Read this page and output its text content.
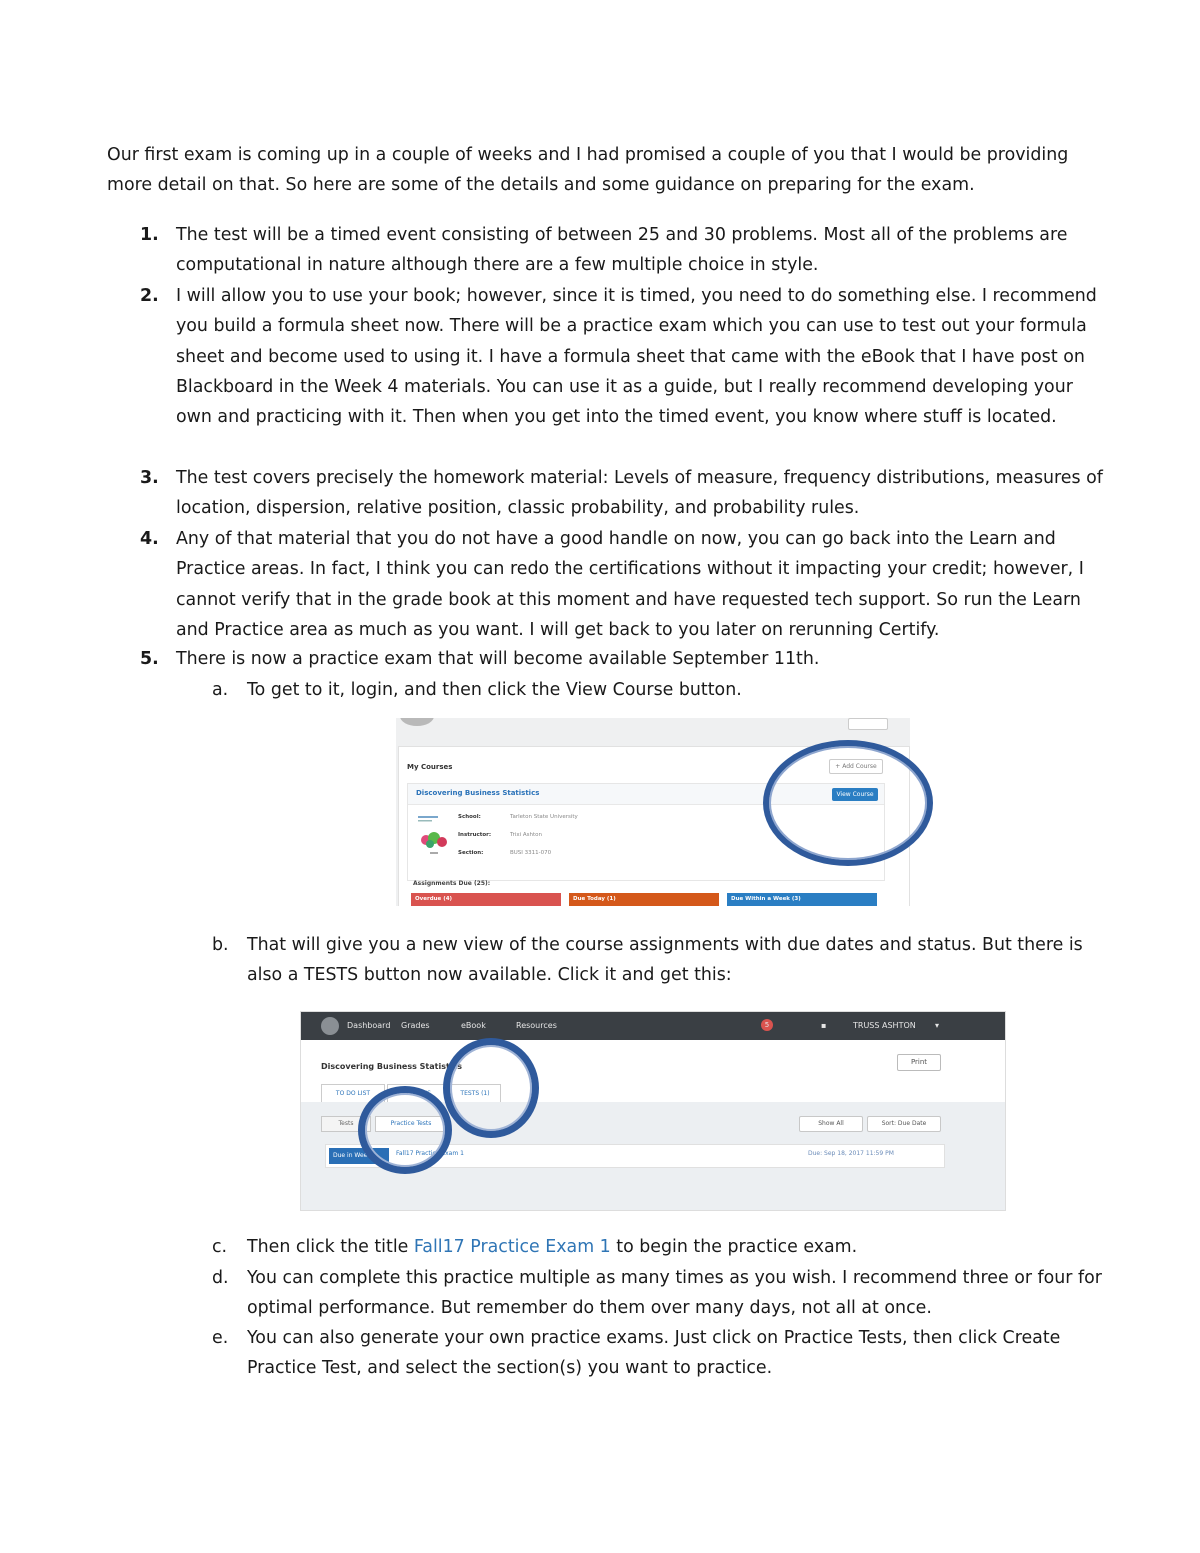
Our first exam is coming up in a couple of weeks and I had promised a couple of you that I would be providing more detail on that. So here are some of the details and some guidance on preparing for the exam.

1. The test will be a timed event consisting of between 25 and 30 problems. Most all of the problems are computational in nature although there are a few multiple choice in style.
2. I will allow you to use your book; however, since it is timed, you need to do something else. I recommend you build a formula sheet now. There will be a practice exam which you can use to test out your formula sheet and become used to using it. I have a formula sheet that came with the eBook that I have post on Blackboard in the Week 4 materials. You can use it as a guide, but I really recommend developing your own and practicing with it. Then when you get into the timed event, you know where stuff is located.
3. The test covers precisely the homework material: Levels of measure, frequency distributions, measures of location, dispersion, relative position, classic probability, and probability rules.
4. Any of that material that you do not have a good handle on now, you can go back into the Learn and Practice areas. In fact, I think you can redo the certifications without it impacting your credit; however, I cannot verify that in the grade book at this moment and have requested tech support. So run the Learn and Practice area as much as you want. I will get back to you later on rerunning Certify.
5. There is now a practice exam that will become available September 11th.
a.	To get to it, login, and then click the View Course button.
My Courses	+ Add Course
Discovering Business Statistics	View Course
School:	Tarleton State University
Instructor:	Trixi Ashton
Section:	BUSI 3311-070
Assignments Due (25):
Overdue (4)	Due Today (1)	Due Within a Week (3)
b.	That will give you a new view of the course assignments with due dates and status. But there is also a TESTS button now available. Click it and get this:
Dashboard Grades	eBook	Resources	5	▪	TRUSS ASHTON ▾
Discovering Business Statistics	Print
TO DO LIST	LESSONS	TESTS (1)
Tests	Practice Tests	Show All	Sort: Due Date
Due in Week	Fall17 Practice Exam 1	Due: Sep 18, 2017 11:59 PM
c.	Then click the title Fall17 Practice Exam 1 to begin the practice exam.
d.	You can complete this practice multiple as many times as you wish. I recommend three or four for optimal performance. But remember do them over many days, not all at once.
e.	You can also generate your own practice exams. Just click on Practice Tests, then click Create Practice Test, and select the section(s) you want to practice.
